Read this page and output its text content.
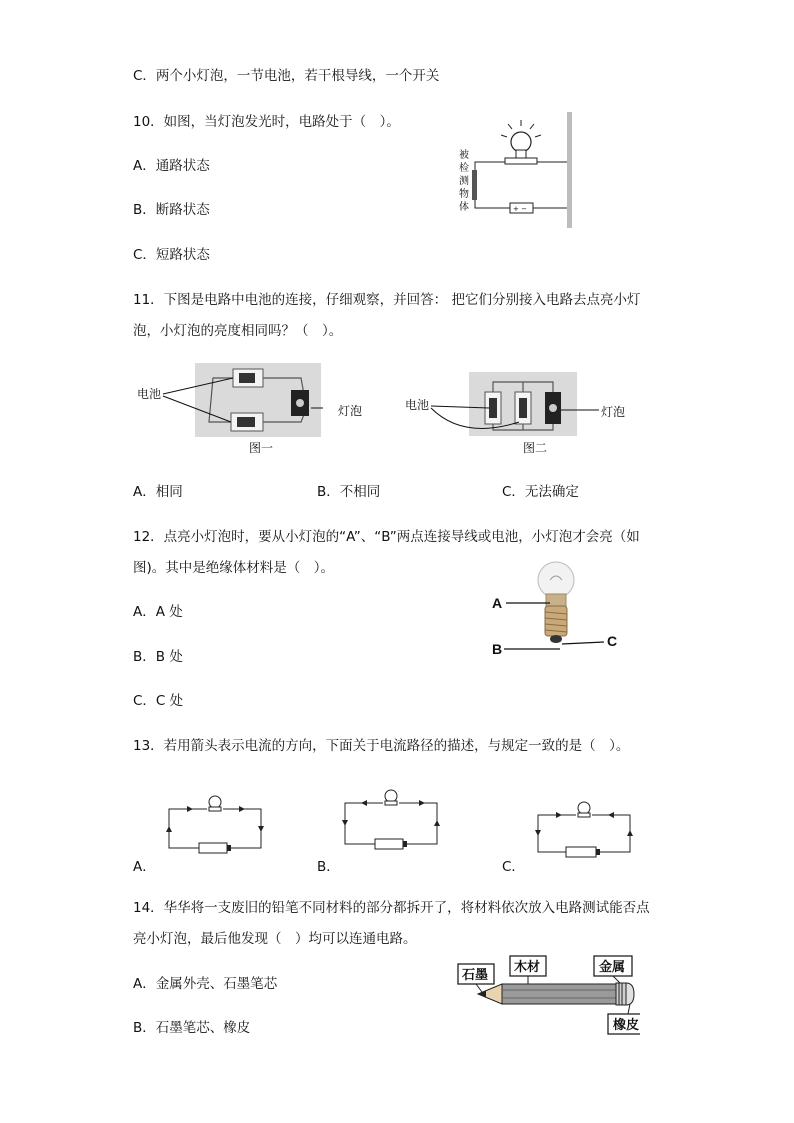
C．两个小灯泡，一节电池，若干根导线，一个开关
10．如图，当灯泡发光时，电路处于（　）。
A．通路状态
B．断路状态
C．短路状态
+ −
被
检
测
物
体
11．下图是电路中电池的连接，仔细观察，并回答： 把它们分别接入电路去点亮小灯
泡，小灯泡的亮度相同吗？（　）。
电池
图一
灯泡	电池
图二
灯泡
A．相同	B．不相同	C．无法确定
12．点亮小灯泡时，要从小灯泡的“A”、“B”两点连接导线或电池，小灯泡才会亮（如
图)。其中是绝缘体材料是（　）。
A．A 处
B．B 处
C．C 处
A
B	C
13．若用箭头表示电流的方向，下面关于电流路径的描述，与规定一致的是（　）。
A．	B．	C．
14．华华将一支废旧的铅笔不同材料的部分都拆开了，将材料依次放入电路测试能否点
亮小灯泡，最后他发现（　）均可以连通电路。
A．金属外壳、石墨笔芯
B．石墨笔芯、橡皮
石墨
木材	金属
橡皮
